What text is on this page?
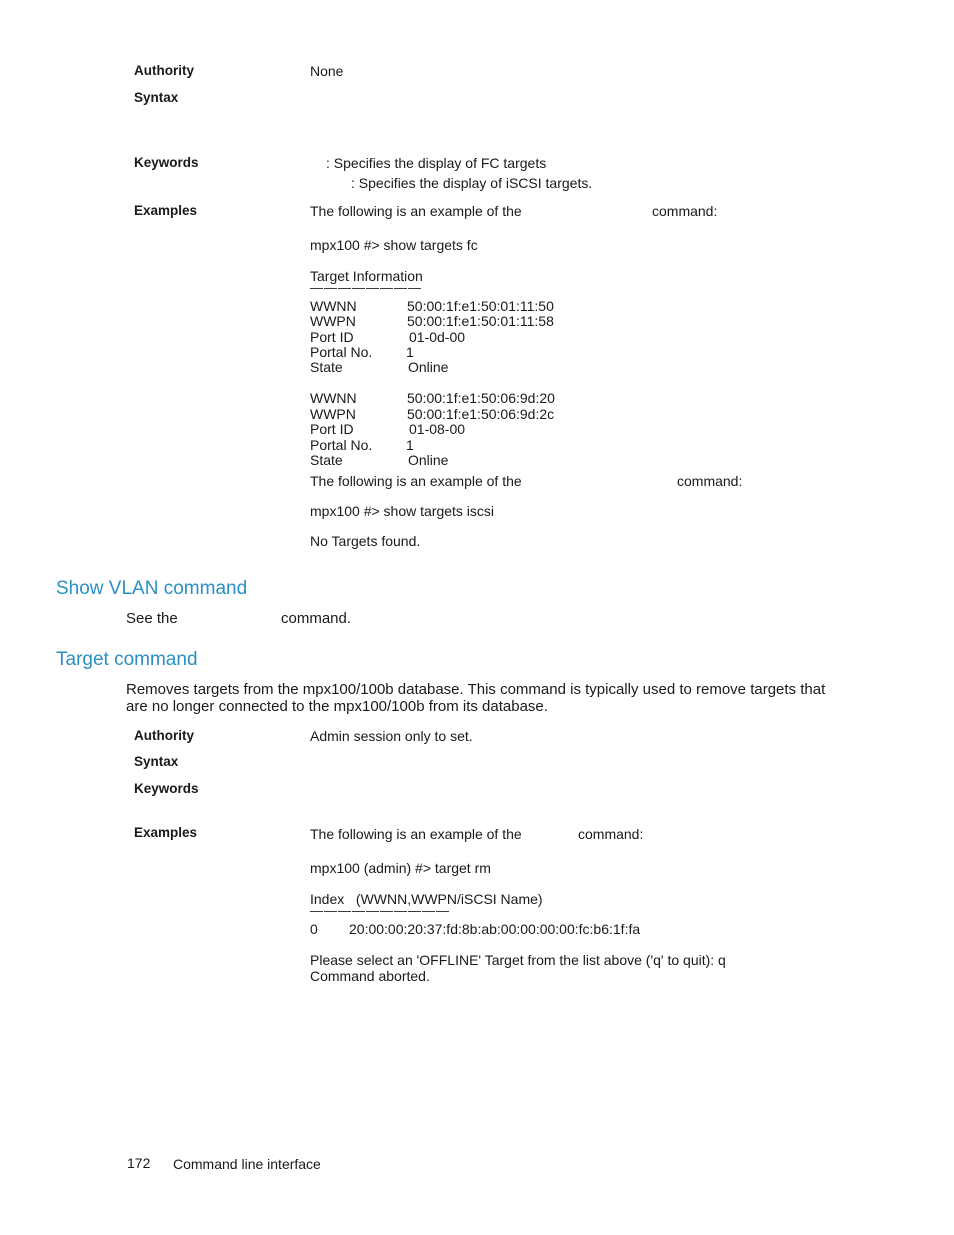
Authority	None
Syntax
Keywords	: Specifies the display of FC targets
: Specifies the display of iSCSI targets.
Examples	The following is an example of the	command:
mpx100 #> show targets fc
Target Information
————————
WWNN	50:00:1f:e1:50:01:11:50
WWPN	50:00:1f:e1:50:01:11:58
Port ID	01-0d-00
Portal No. 1
State	Online
WWNN	50:00:1f:e1:50:06:9d:20
WWPN	50:00:1f:e1:50:06:9d:2c
Port ID	01-08-00
Portal No. 1
State	Online
The following is an example of the	command:
mpx100 #> show targets iscsi
No Targets found.
Show VLAN command
See the	command.
Target command
Removes targets from the mpx100/100b database. This command is typically used to remove targets that
are no longer connected to the mpx100/100b from its database.
Authority	Admin session only to set.
Syntax
Keywords
Examples	The following is an example of the	command:
mpx100 (admin) #> target rm
Index   (WWNN,WWPN/iSCSI Name)
——————————
0 20:00:00:20:37:fd:8b:ab:00:00:00:00:fc:b6:1f:fa
Please select an 'OFFLINE' Target from the list above ('q' to quit): q
Command aborted.
172 Command line interface
